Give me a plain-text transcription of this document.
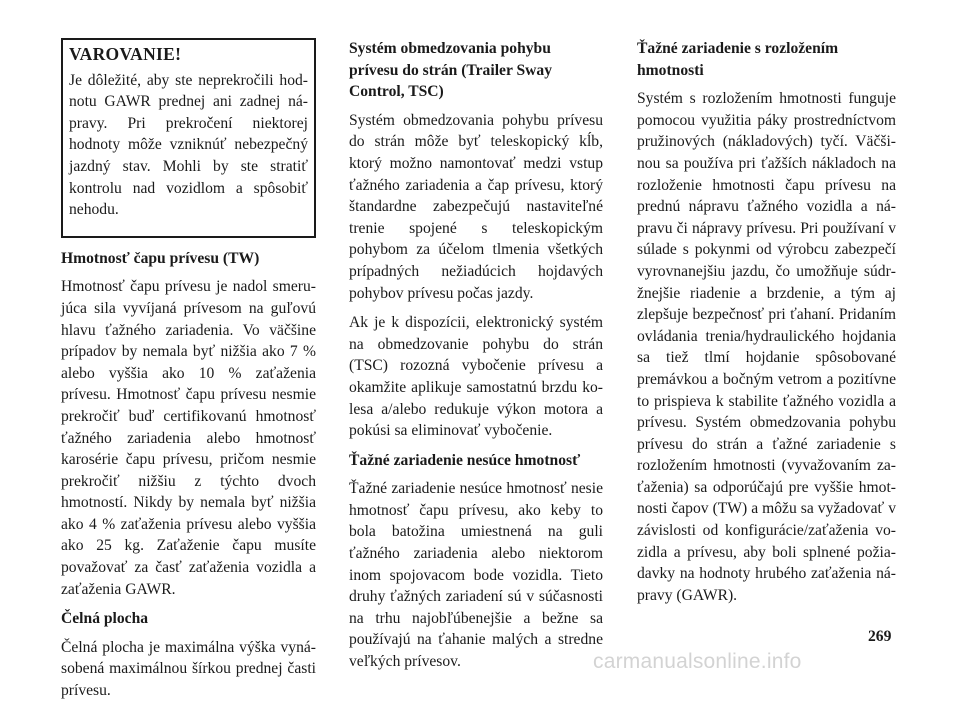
VAROVANIE!

Je dôležité, aby ste neprekročili hodnotu GAWR prednej ani zadnej nápravy. Pri prekročení niektorej hodnoty môže vzniknúť nebezpečný jazdný stav. Mohli by ste stratiť kontrolu nad vozidlom a spôsobiť nehodu.

Hmotnosť čapu prívesu (TW)

Hmotnosť čapu prívesu je nadol smerujúca sila vyvíjaná prívesom na guľovú hlavu ťažného zariadenia. Vo väčšine prípadov by nemala byť nižšia ako 7 % alebo vyššia ako 10 % zaťaženia prívesu. Hmotnosť čapu prívesu nesmie prekročiť buď certifikovanú hmotnosť ťažného zariadenia alebo hmotnosť karosérie čapu prívesu, pričom nesmie prekročiť nižšiu z týchto dvoch hmotností. Nikdy by nemala byť nižšia ako 4 % zaťaženia prívesu alebo vyššia ako 25 kg. Zaťaženie čapu musíte považovať za časť zaťaženia vozidla a zaťaženia GAWR.

Čelná plocha

Čelná plocha je maximálna výška vynásobená maximálnou šírkou prednej časti prívesu.

Systém obmedzovania pohybu prívesu do strán (Trailer Sway Control, TSC)

Systém obmedzovania pohybu prívesu do strán môže byť teleskopický kĺb, ktorý možno namontovať medzi vstup ťažného zariadenia a čap prívesu, ktorý štandardne zabezpečujú nastaviteľné trenie spojené s teleskopickým pohybom za účelom tlmenia všetkých prípadných nežiadúcich hojdavých pohybov prívesu počas jazdy.

Ak je k dispozícii, elektronický systém na obmedzovanie pohybu do strán (TSC) rozozná vybočenie prívesu a okamžite aplikuje samostatnú brzdu kolesa a/alebo redukuje výkon motora a pokúsi sa eliminovať vybočenie.

Ťažné zariadenie nesúce hmotnosť

Ťažné zariadenie nesúce hmotnosť nesie hmotnosť čapu prívesu, ako keby to bola batožina umiestnená na guli ťažného zariadenia alebo niektorom inom spojovacom bode vozidla. Tieto druhy ťažných zariadení sú v súčasnosti na trhu najobľúbenejšie a bežne sa používajú na ťahanie malých a stredne veľkých prívesov.

Ťažné zariadenie s rozložením hmotnosti

Systém s rozložením hmotnosti funguje pomocou využitia páky prostredníctvom pružinových (nákladových) tyčí. Väčšinou sa používa pri ťažších nákladoch na rozloženie hmotnosti čapu prívesu na prednú nápravu ťažného vozidla a nápravu či nápravy prívesu. Pri používaní v súlade s pokynmi od výrobcu zabezpečí vyrovnanejšiu jazdu, čo umožňuje súdržnejšie riadenie a brzdenie, a tým aj zlepšuje bezpečnosť pri ťahaní. Pridaním ovládania trenia/hydraulického hojdania sa tiež tlmí hojdanie spôsobované premávkou a bočným vetrom a pozitívne to prispieva k stabilite ťažného vozidla a prívesu. Systém obmedzovania pohybu prívesu do strán a ťažné zariadenie s rozložením hmotnosti (vyvažovaním zaťaženia) sa odporúčajú pre vyššie hmotnosti čapov (TW) a môžu sa vyžadovať v závislosti od konfigurácie/zaťaženia vozidla a prívesu, aby boli splnené požiadavky na hodnoty hrubého zaťaženia nápravy (GAWR).

269
carmanualsonline.info
